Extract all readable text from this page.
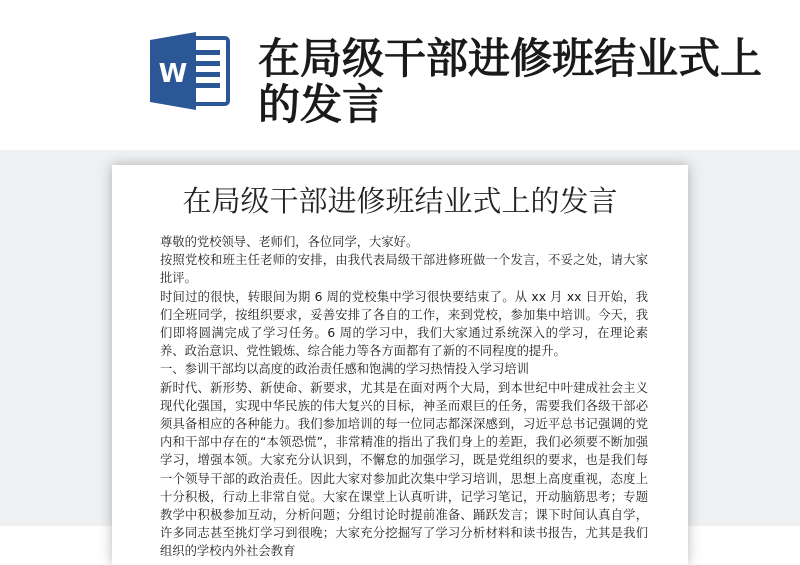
W 在局级干部进修班结业式上的发言
在局级干部进修班结业式上的发言

尊敬的党校领导、老师们，各位同学，大家好。

按照党校和班主任老师的安排，由我代表局级干部进修班做一个发言，不妥之处，请大家批评。

时间过的很快，转眼间为期 6 周的党校集中学习很快要结束了。从 xx 月 xx 日开始，我们全班同学，按组织要求，妥善安排了各自的工作，来到党校，参加集中培训。今天，我们即将圆满完成了学习任务。6 周的学习中，我们大家通过系统深入的学习，在理论素养、政治意识、党性锻炼、综合能力等各方面都有了新的不同程度的提升。

一、参训干部均以高度的政治责任感和饱满的学习热情投入学习培训

新时代、新形势、新使命、新要求，尤其是在面对两个大局，到本世纪中叶建成社会主义现代化强国，实现中华民族的伟大复兴的目标，神圣而艰巨的任务，需要我们各级干部必须具备相应的各种能力。我们参加培训的每一位同志都深深感到，习近平总书记强调的党内和干部中存在的“本领恐慌”，非常精准的指出了我们身上的差距，我们必须要不断加强学习，增强本领。大家充分认识到，不懈怠的加强学习，既是党组织的要求，也是我们每一个领导干部的政治责任。因此大家对参加此次集中学习培训，思想上高度重视，态度上十分积极，行动上非常自觉。大家在课堂上认真听讲，记学习笔记，开动脑筋思考；专题教学中积极参加互动，分析问题；分组讨论时提前准备、踊跃发言；课下时间认真自学，许多同志甚至挑灯学习到很晚；大家充分挖掘写了学习分析材料和读书报告，尤其是我们组织的学校内外社会教育
